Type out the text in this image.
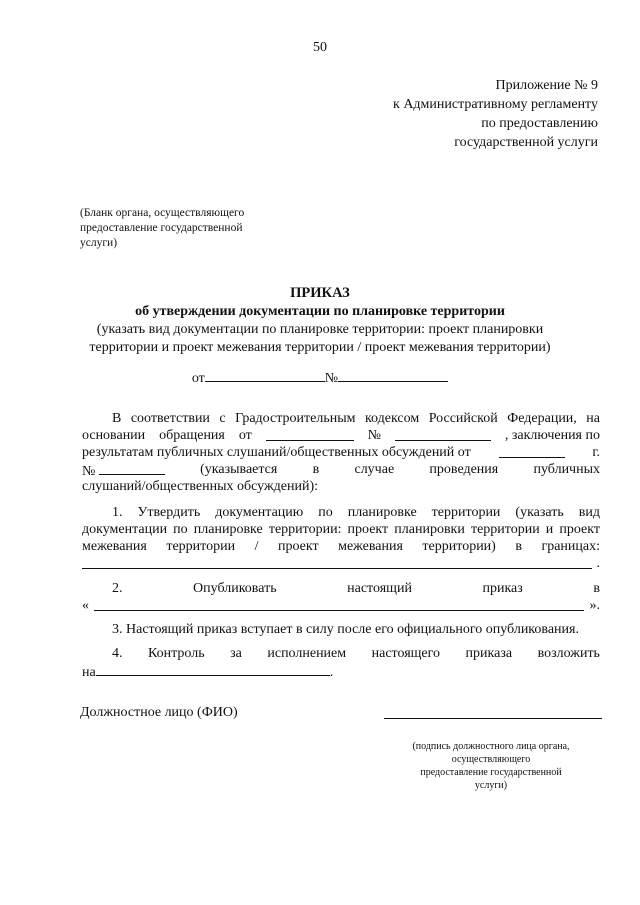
50
Приложение № 9
к Административному регламенту
по предоставлению
государственной услуги
(Бланк органа, осуществляющего
предоставление государственной
услуги)
ПРИКАЗ
об утверждении документации по планировке территории
(указать вид документации по планировке территории: проект планировки
территории и проект межевания территории / проект межевания территории)
от	№
В соответствии с Градостроительным кодексом Российской Федерации, на
основании обращения от	№	, заключения по
результатам публичных слушаний/общественных обсуждений от	г.
№	(указывается	в	случае	проведения	публичных
слушаний/общественных обсуждений):
1. Утвердить документацию по планировке территории (указать вид
документации по планировке территории: проект планировки территории и проект
межевания территории / проект межевания территории) в границах:
.
2.	Опубликовать	настоящий	приказ	в
«	».
3. Настоящий приказ вступает в силу после его официального опубликования.
4. Контроль за исполнением настоящего приказа возложить
на	.
Должностное лицо (ФИО)
(подпись должностного лица органа,
осуществляющего
предоставление государственной
услуги)
